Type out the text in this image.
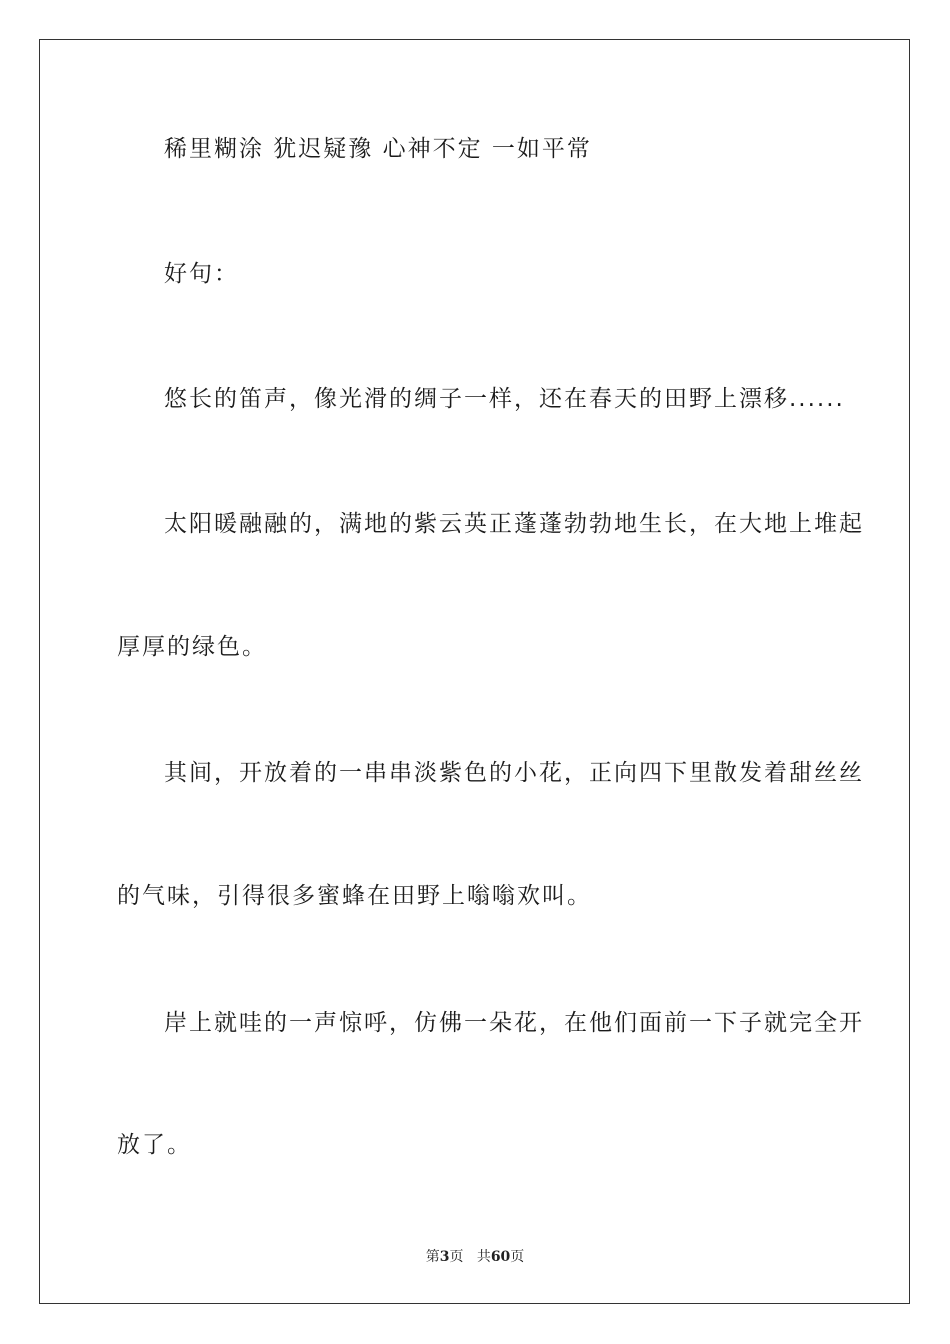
稀里糊涂 犹迟疑豫 心神不定 一如平常
好句：
悠长的笛声，像光滑的绸子一样，还在春天的田野上漂移......
太阳暖融融的，满地的紫云英正蓬蓬勃勃地生长，在大地上堆起
厚厚的绿色。
其间，开放着的一串串淡紫色的小花，正向四下里散发着甜丝丝
的气味，引得很多蜜蜂在田野上嗡嗡欢叫。
岸上就哇的一声惊呼，仿佛一朵花，在他们面前一下子就完全开
放了。
第3页 共60页
